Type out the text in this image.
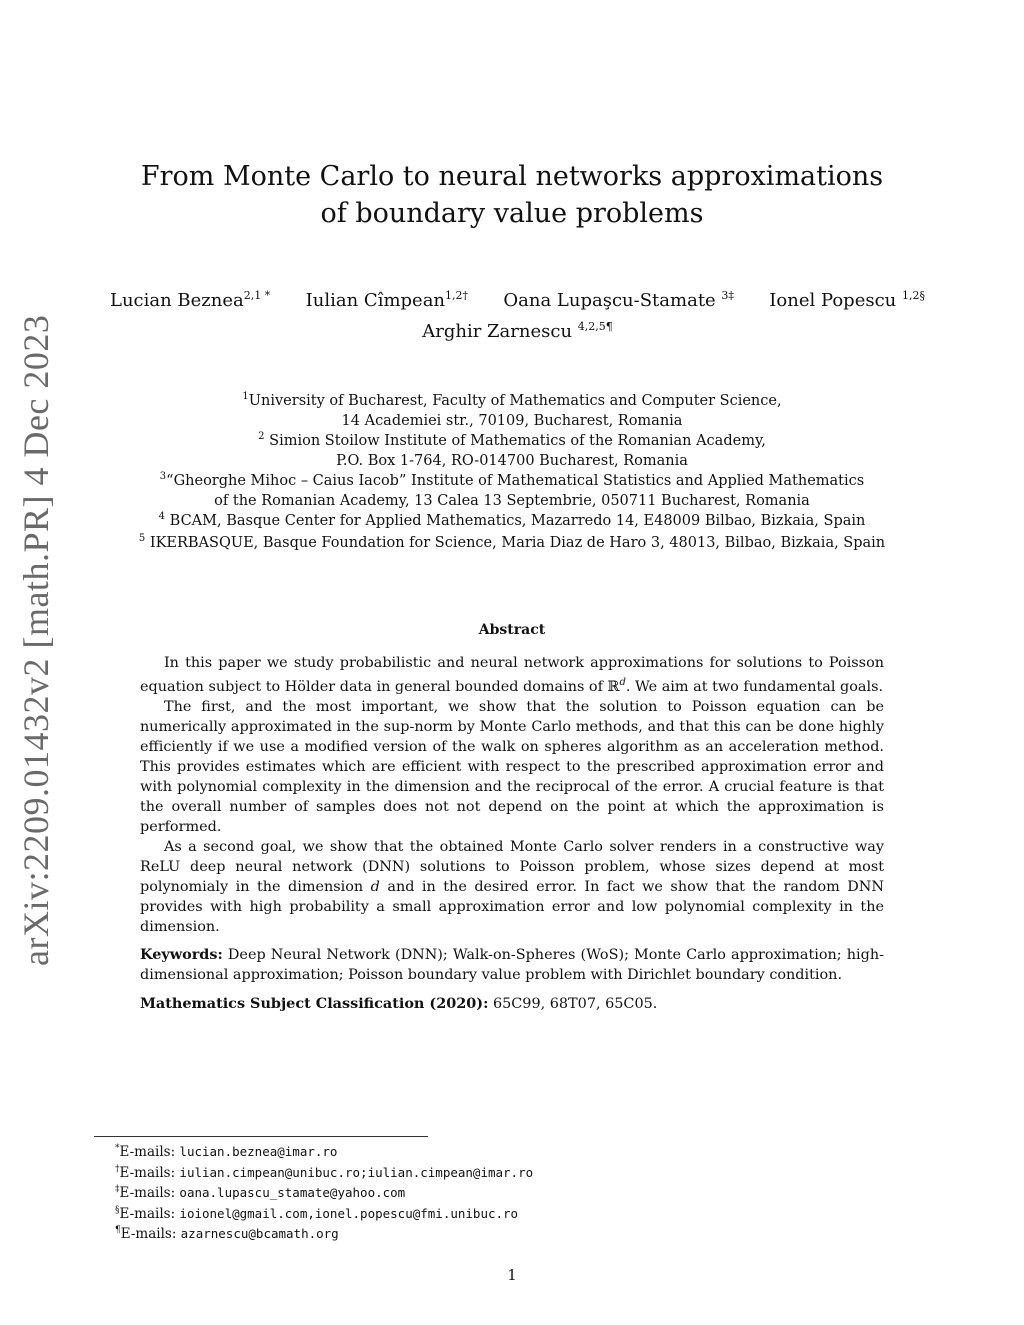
arXiv:2209.01432v2 [math.PR] 4 Dec 2023
From Monte Carlo to neural networks approximations
of boundary value problems
Lucian Beznea$^{2,1 *}$ Iulian Cîmpean$^{1,2\dagger}$ Oana Lupaşcu-Stamate $^{3\ddagger}$ Ionel Popescu $^{1,2\S}$
Arghir Zarnescu $^{4,2,5\P}$
$^1$University of Bucharest, Faculty of Mathematics and Computer Science,
14 Academiei str., 70109, Bucharest, Romania
$^2$ Simion Stoilow Institute of Mathematics of the Romanian Academy,
P.O. Box 1-764, RO-014700 Bucharest, Romania
$^3$“Gheorghe Mihoc – Caius Iacob” Institute of Mathematical Statistics and Applied Mathematics
of the Romanian Academy, 13 Calea 13 Septembrie, 050711 Bucharest, Romania
$^4$ BCAM, Basque Center for Applied Mathematics, Mazarredo 14, E48009 Bilbao, Bizkaia, Spain
$^5$ IKERBASQUE, Basque Foundation for Science, Maria Diaz de Haro 3, 48013, Bilbao, Bizkaia, Spain
Abstract

In this paper we study probabilistic and neural network approximations for solutions to Poisson equation subject to Hölder data in general bounded domains of ℝ$^d$. We aim at two fundamental goals.

The first, and the most important, we show that the solution to Poisson equation can be numerically approximated in the sup-norm by Monte Carlo methods, and that this can be done highly efficiently if we use a modified version of the walk on spheres algorithm as an acceleration method. This provides estimates which are efficient with respect to the prescribed approximation error and with polynomial complexity in the dimension and the reciprocal of the error. A crucial feature is that the overall number of samples does not not depend on the point at which the approximation is performed.

As a second goal, we show that the obtained Monte Carlo solver renders in a constructive way ReLU deep neural network (DNN) solutions to Poisson problem, whose sizes depend at most polynomialy in the dimension d and in the desired error. In fact we show that the random DNN provides with high probability a small approximation error and low polynomial complexity in the dimension.

Keywords: Deep Neural Network (DNN); Walk-on-Spheres (WoS); Monte Carlo approximation; high-dimensional approximation; Poisson boundary value problem with Dirichlet boundary condition.

Mathematics Subject Classification (2020): 65C99, 68T07, 65C05.

*E-mails: lucian.beznea@imar.ro
†E-mails: iulian.cimpean@unibuc.ro;iulian.cimpean@imar.ro
‡E-mails: oana.lupascu_stamate@yahoo.com
§E-mails: ioionel@gmail.com,ionel.popescu@fmi.unibuc.ro
¶E-mails: azarnescu@bcamath.org
1
